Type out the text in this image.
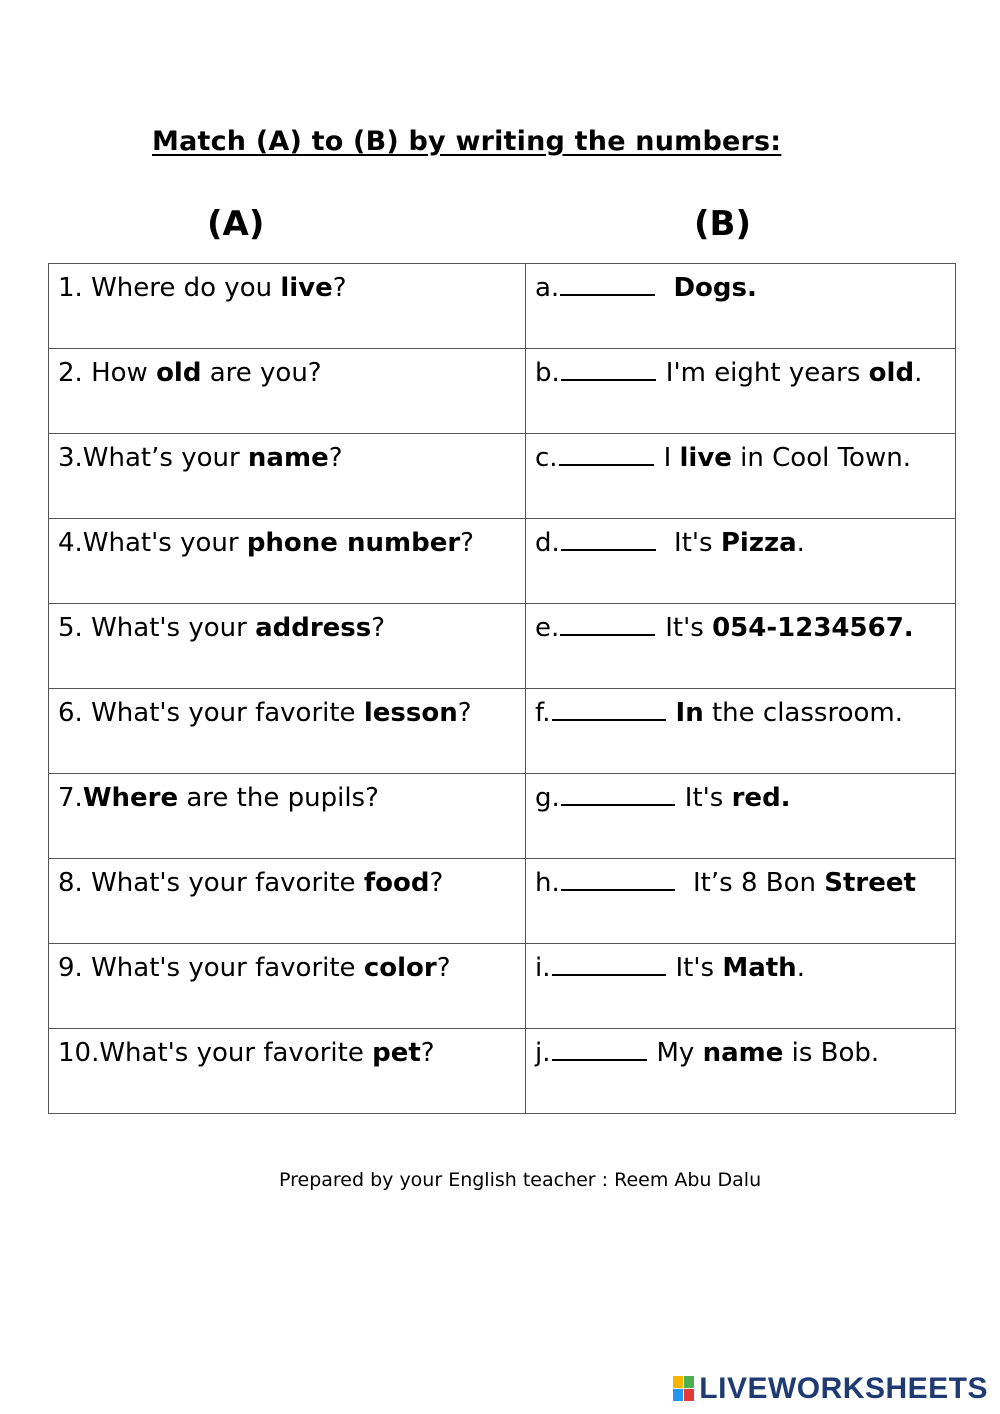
Match (A) to (B) by writing the numbers:
(A)	(B)
1. Where do you live?	a. Dogs.
2. How old are you?	b. I'm eight years old.
3.What’s your name?	c. I live in Cool Town.
4.What's your phone number?	d. It's Pizza.
5. What's your address?	e. It's 054-1234567.
6. What's your favorite lesson?	f. In the classroom.
7.Where are the pupils?	g. It's red.
8. What's your favorite food?	h. It’s 8 Bon Street
9. What's your favorite color?	i. It's Math.
10.What's your favorite pet?	j. My name is Bob.
Prepared by your English teacher : Reem Abu Dalu
LIVEWORKSHEETS
